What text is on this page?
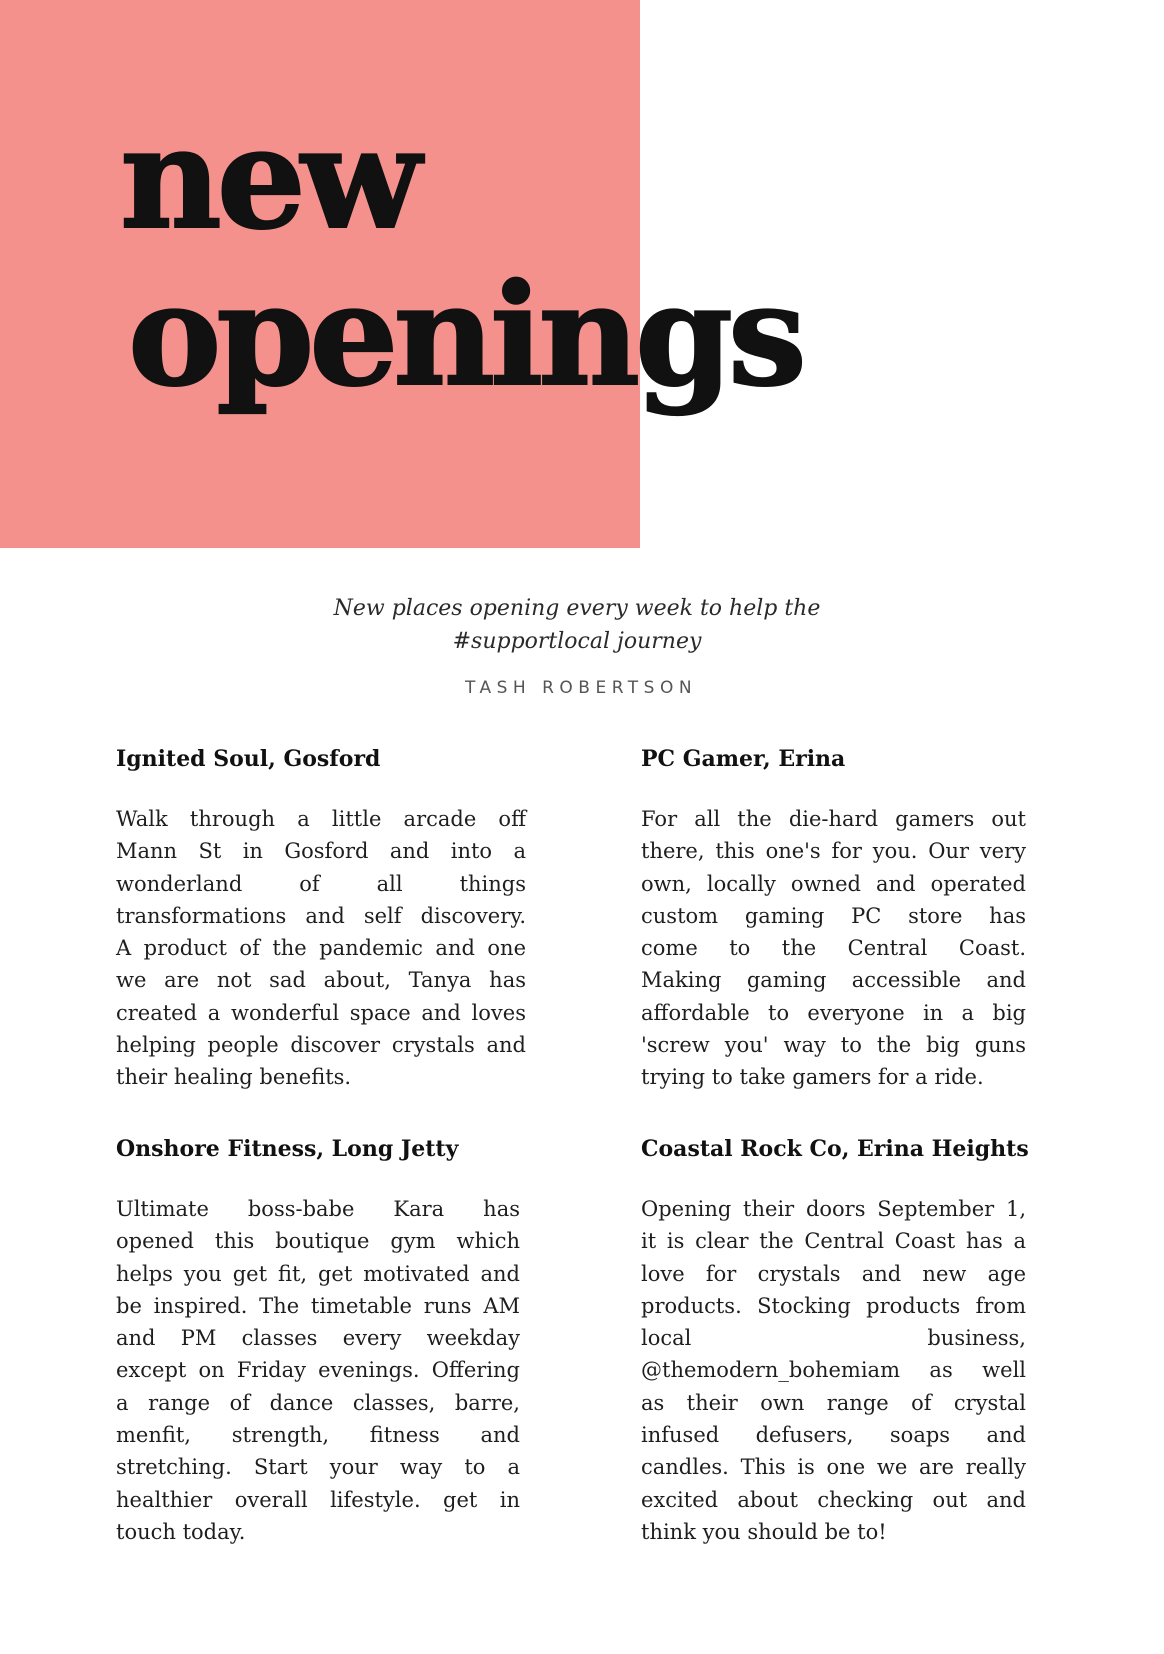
new
openings
New places opening every week to help the
#supportlocal journey
TASH ROBERTSON
Ignited Soul, Gosford
Walk through a little arcade off
Mann St in Gosford and into a
wonderland of all things
transformations and self discovery.
A product of the pandemic and one
we are not sad about, Tanya has
created a wonderful space and loves
helping people discover crystals and
their healing benefits.
PC Gamer, Erina
For all the die-hard gamers out
there, this one's for you. Our very
own, locally owned and operated
custom gaming PC store has
come to the Central Coast.
Making gaming accessible and
affordable to everyone in a big
'screw you' way to the big guns
trying to take gamers for a ride.
Onshore Fitness, Long Jetty
Ultimate boss-babe Kara has
opened this boutique gym which
helps you get fit, get motivated and
be inspired. The timetable runs AM
and PM classes every weekday
except on Friday evenings. Offering
a range of dance classes, barre,
menfit, strength, fitness and
stretching. Start your way to a
healthier overall lifestyle. get in
touch today.
Coastal Rock Co, Erina Heights
Opening their doors September 1,
it is clear the Central Coast has a
love for crystals and new age
products. Stocking products from
local business,
@themodern_bohemiam as well
as their own range of crystal
infused defusers, soaps and
candles. This is one we are really
excited about checking out and
think you should be to!
